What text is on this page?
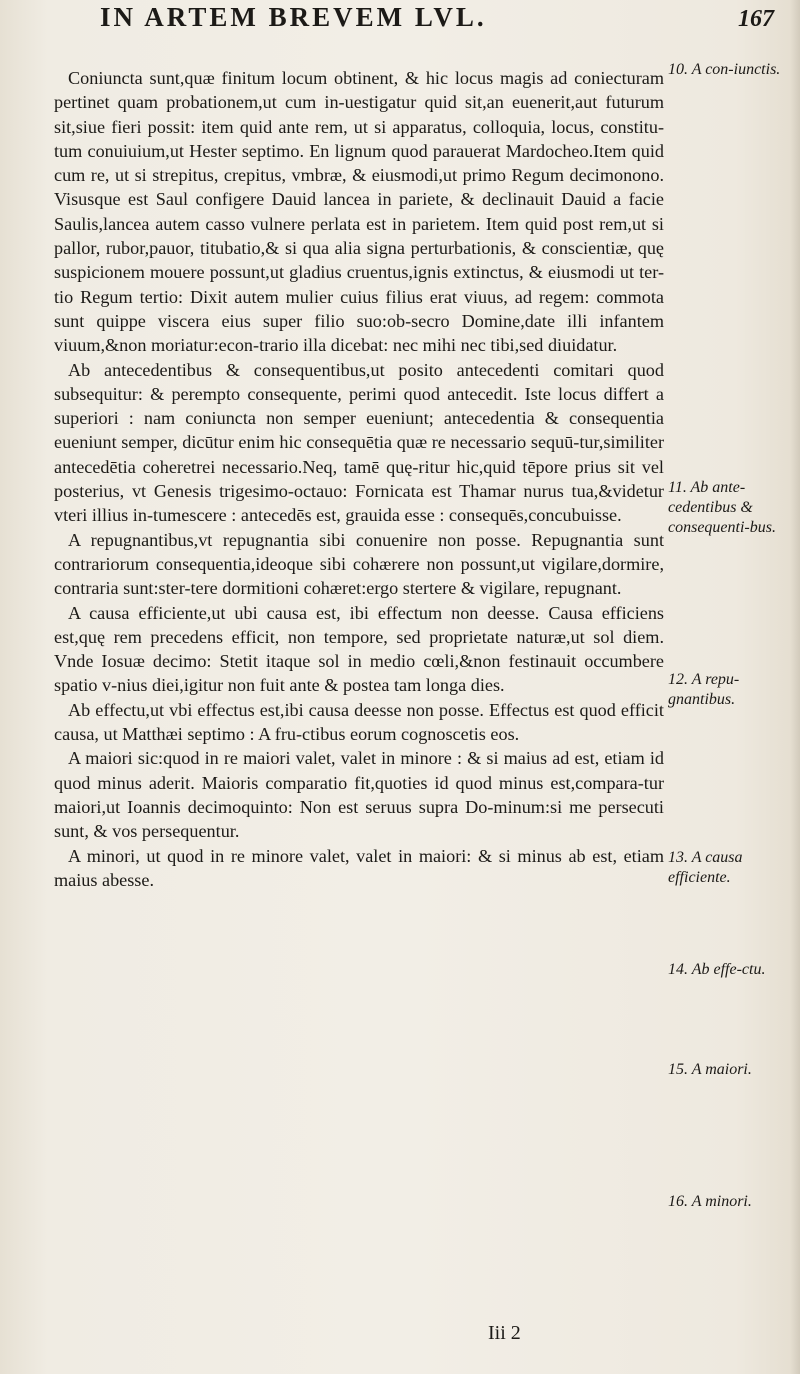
IN ARTEM BREVEM LVL.	167

Coniuncta sunt,quæ finitum locum obtinent, & hic locus magis ad coniecturam pertinet quam probationem,ut cum in-uestigatur quid sit,an euenerit,aut futurum sit,siue fieri possit: item quid ante rem, ut si apparatus, colloquia, locus, constitu-tum conuiuium,ut Hester septimo. En lignum quod parauerat Mardocheo.Item quid cum re, ut si strepitus, crepitus, vmbræ, & eiusmodi,ut primo Regum decimonono. Visusque est Saul configere Dauid lancea in pariete, & declinauit Dauid a facie Saulis,lancea autem casso vulnere perlata est in parietem. Item quid post rem,ut si pallor, rubor,pauor, titubatio,& si qua alia signa perturbationis, & conscientiæ, quę suspicionem mouere possunt,ut gladius cruentus,ignis extinctus, & eiusmodi ut ter-tio Regum tertio: Dixit autem mulier cuius filius erat viuus, ad regem: commota sunt quippe viscera eius super filio suo:ob-secro Domine,date illi infantem viuum,&non moriatur:econ-trario illa dicebat: nec mihi nec tibi,sed diuidatur.

Ab antecedentibus & consequentibus,ut posito antecedenti comitari quod subsequitur: & perempto consequente, perimi quod antecedit. Iste locus differt a superiori : nam coniuncta non semper eueniunt; antecedentia & consequentia eueniunt semper, dicūtur enim hic consequētia quæ re necessario sequū-tur,similiter antecedētia coheretrei necessario.Neq, tamē quę-ritur hic,quid tēpore prius sit vel posterius, vt Genesis trigesimo-octauo: Fornicata est Thamar nurus tua,&videtur vteri illius in-tumescere : antecedēs est, grauida esse : consequēs,concubuisse.

A repugnantibus,vt repugnantia sibi conuenire non posse. Repugnantia sunt contrariorum consequentia,ideoque sibi cohærere non possunt,ut vigilare,dormire, contraria sunt:ster-tere dormitioni cohæret:ergo stertere & vigilare, repugnant.

A causa efficiente,ut ubi causa est, ibi effectum non deesse. Causa efficiens est,quę rem precedens efficit, non tempore, sed proprietate naturæ,ut sol diem. Vnde Iosuæ decimo: Stetit itaque sol in medio cœli,&non festinauit occumbere spatio v-nius diei,igitur non fuit ante & postea tam longa dies.

Ab effectu,ut vbi effectus est,ibi causa deesse non posse. Effectus est quod efficit causa, ut Matthæi septimo : A fru-ctibus eorum cognoscetis eos.

A maiori sic:quod in re maiori valet, valet in minore : & si maius ad est, etiam id quod minus aderit. Maioris comparatio fit,quoties id quod minus est,compara-tur maiori,ut Ioannis decimoquinto: Non est seruus supra Do-minum:si me persecuti sunt, & vos persequentur.

A minori, ut quod in re minore valet, valet in maiori: & si minus ab est, etiam maius abesse.

10. A con-iunctis.
11. Ab ante-cedentibus & consequenti-bus.
12. A repu-gnantibus.
13. A causa efficiente.
14. Ab effe-ctu.
15. A maiori.
16. A minori.
Iii 2
